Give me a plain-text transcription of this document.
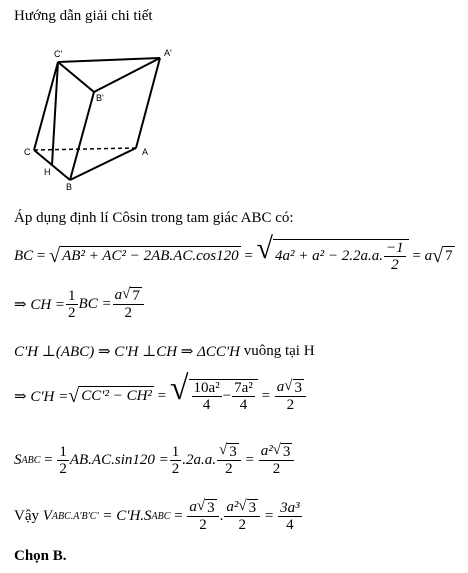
Hướng dẫn giải chi tiết
C'	A'
B'
C	A
H
B
Áp dụng định lí Côsin trong tam giác ABC có:
BC = √ AB² + AC² − 2AB.AC.cos120 = √ 4a² + a² − 2.2a.a. $\frac{-1}{2} = a$ √ 7
⇒ CH = $\frac{1}{2}$ BC = $\frac{a √ 7}{2}$
C'H ⊥(ABC) ⇒ C'H ⊥CH ⇒ ΔCC'H
vuông tại H
⇒ C'H = √ CC'² − CH² = √ $\frac{\text{10a²}}{4} - \frac{\text{7a²}}{4} = \frac{a √ 3}{2}$
S ABC
=
$\frac{1}{2} AB.AC.\sin 120 = \frac{1}{2} .2a.a$. $\frac{√ 3}{2} = \frac{\text{a² √ 3}}{2}$
Vậy
V ABC.A'B'C'
= C'H.S ABC = $\frac{a √ 3}{2}$ . $\frac{\text{a² √ 3}}{2} = \frac{\text{3a³}}{4}$
Chọn B.
